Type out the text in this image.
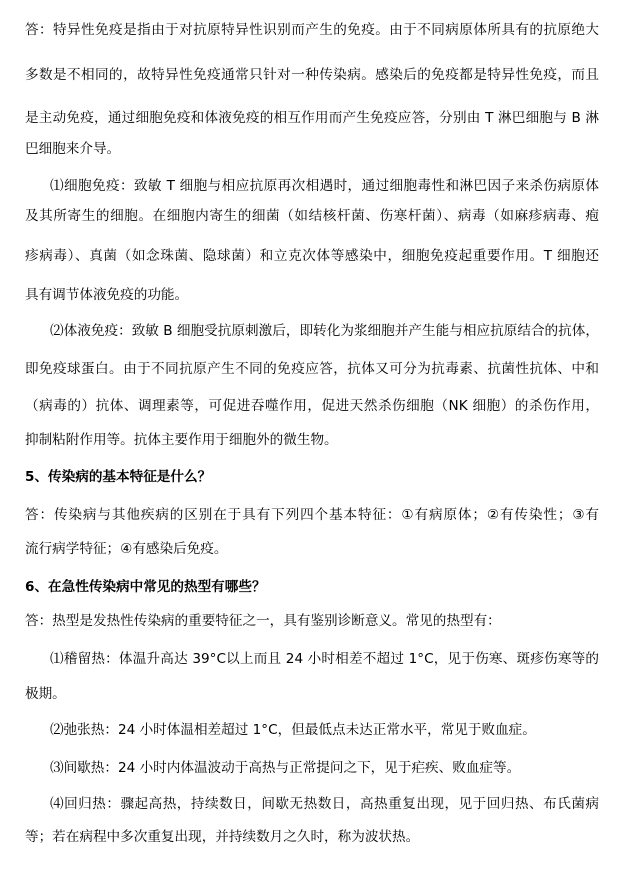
答：特异性免疫是指由于对抗原特异性识别而产生的免疫。由于不同病原体所具有的抗原绝大
多数是不相同的，故特异性免疫通常只针对一种传染病。感染后的免疫都是特异性免疫，而且
是主动免疫，通过细胞免疫和体液免疫的相互作用而产生免疫应答，分别由 T 淋巴细胞与 B 淋
巴细胞来介导。
⑴细胞免疫：致敏 T 细胞与相应抗原再次相遇时，通过细胞毒性和淋巴因子来杀伤病原体
及其所寄生的细胞。在细胞内寄生的细菌（如结核杆菌、伤寒杆菌）、病毒（如麻疹病毒、疱
疹病毒）、真菌（如念珠菌、隐球菌）和立克次体等感染中，细胞免疫起重要作用。T 细胞还
具有调节体液免疫的功能。
⑵体液免疫：致敏 B 细胞受抗原刺激后，即转化为浆细胞并产生能与相应抗原结合的抗体，
即免疫球蛋白。由于不同抗原产生不同的免疫应答，抗体又可分为抗毒素、抗菌性抗体、中和
（病毒的）抗体、调理素等，可促进吞噬作用，促进天然杀伤细胞（NK 细胞）的杀伤作用，
抑制粘附作用等。抗体主要作用于细胞外的微生物。
5、传染病的基本特征是什么？
答：传染病与其他疾病的区别在于具有下列四个基本特征：①有病原体；②有传染性；③有
流行病学特征；④有感染后免疫。
6、在急性传染病中常见的热型有哪些？
答：热型是发热性传染病的重要特征之一，具有鉴别诊断意义。常见的热型有：
⑴稽留热：体温升高达 39°C以上而且 24 小时相差不超过 1°C，见于伤寒、斑疹伤寒等的
极期。
⑵弛张热：24 小时体温相差超过 1°C，但最低点未达正常水平，常见于败血症。
⑶间歇热：24 小时内体温波动于高热与正常提问之下，见于疟疾、败血症等。
⑷回归热：骤起高热，持续数日，间歇无热数日，高热重复出现，见于回归热、布氏菌病
等；若在病程中多次重复出现，并持续数月之久时，称为波状热。
